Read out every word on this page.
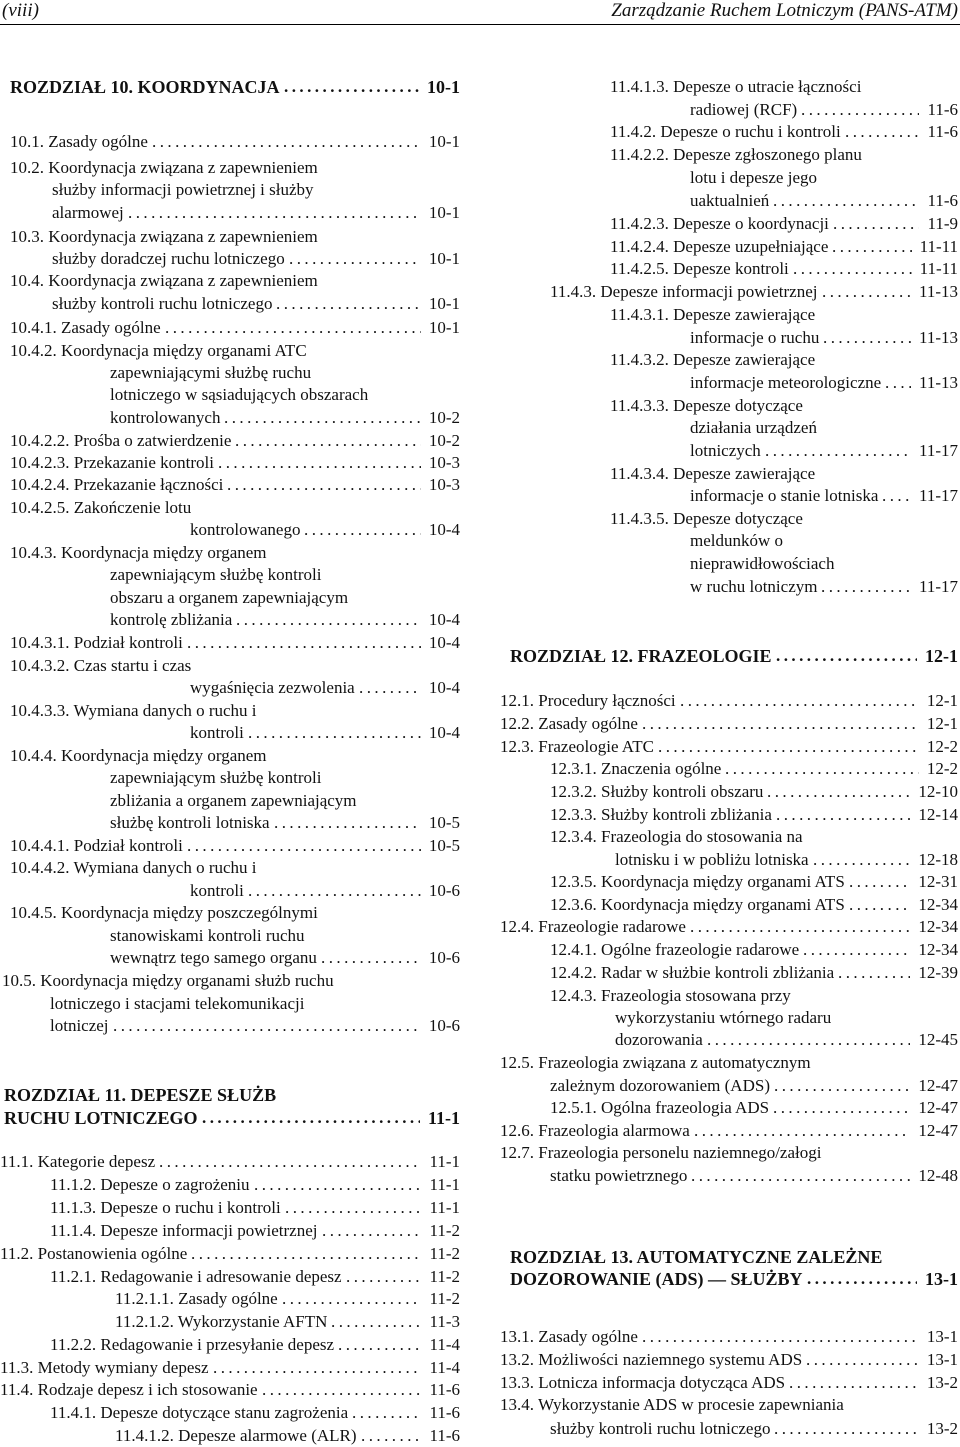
(viii)	Zarządzanie Ruchem Lotniczym (PANS-ATM)
ROZDZIAŁ 10. KOORDYNACJA	10-1
. . .
10.1. Zasady ogólne	10-1
. . .
10.2. Koordynacja związana z zapewnieniem
służby informacji powietrznej i służby
alarmowej	10-1
. . .
10.3. Koordynacja związana z zapewnieniem
służby doradczej ruchu lotniczego	10-1
. . .
10.4. Koordynacja związana z zapewnieniem
służby kontroli ruchu lotniczego	10-1
. . .
10.4.1. Zasady ogólne	10-1
. . .
10.4.2. Koordynacja między organami ATC
zapewniającymi służbę ruchu
lotniczego w sąsiadujących obszarach
kontrolowanych	10-2
. . .
10.4.2.2. Prośba o zatwierdzenie	10-2
. . .
10.4.2.3. Przekazanie kontroli	10-3
. . .
10.4.2.4. Przekazanie łączności	10-3
. . .
10.4.2.5. Zakończenie lotu
kontrolowanego	10-4
. . .
10.4.3. Koordynacja między organem
zapewniającym służbę kontroli
obszaru a organem zapewniającym
kontrolę zbliżania	10-4
. . .
10.4.3.1. Podział kontroli	10-4
. . .
10.4.3.2. Czas startu i czas
wygaśnięcia zezwolenia	10-4
. . .
10.4.3.3. Wymiana danych o ruchu i
kontroli	10-4
. . .
10.4.4. Koordynacja między organem
zapewniającym służbę kontroli
zbliżania a organem zapewniającym
służbę kontroli lotniska	10-5
. . .
10.4.4.1. Podział kontroli	10-5
. . .
10.4.4.2. Wymiana danych o ruchu i
kontroli	10-6
. . .
10.4.5. Koordynacja między poszczególnymi
stanowiskami kontroli ruchu
wewnątrz tego samego organu	10-6
. . .
10.5. Koordynacja między organami służb ruchu
lotniczego i stacjami telekomunikacji
lotniczej	10-6
. . .
ROZDZIAŁ 11. DEPESZE SŁUŻB
RUCHU LOTNICZEGO	11-1
. . .
11.1. Kategorie depesz	11-1
. . .
11.1.2. Depesze o zagrożeniu	11-1
. . .
11.1.3. Depesze o ruchu i kontroli	11-1
. . .
11.1.4. Depesze informacji powietrznej	11-2
. . .
11.2. Postanowienia ogólne	11-2
. . .
11.2.1. Redagowanie i adresowanie depesz	11-2
. . .
11.2.1.1. Zasady ogólne	11-2
. . .
11.2.1.2. Wykorzystanie AFTN	11-3
. . .
11.2.2. Redagowanie i przesyłanie depesz	11-4
. . .
11.3. Metody wymiany depesz	11-4
. . .
11.4. Rodzaje depesz i ich stosowanie	11-6
. . .
11.4.1. Depesze dotyczące stanu zagrożenia	11-6
. . .
11.4.1.2. Depesze alarmowe (ALR)	11-6
. . .
11.4.1.3. Depesze o utracie łączności
radiowej (RCF)	11-6
. . .
11.4.2. Depesze o ruchu i kontroli	11-6
. . .
11.4.2.2. Depesze zgłoszonego planu
lotu i depesze jego
uaktualnień	11-6
. . .
11.4.2.3. Depesze o koordynacji	11-9
. . .
11.4.2.4. Depesze uzupełniające	11-11
. . .
11.4.2.5. Depesze kontroli	11-11
. . .
11.4.3. Depesze informacji powietrznej	11-13
. . .
11.4.3.1. Depesze zawierające
informacje o ruchu	11-13
. . .
11.4.3.2. Depesze zawierające
informacje meteorologiczne 11-13
. . .
11.4.3.3. Depesze dotyczące
działania urządzeń
lotniczych	11-17
. . .
11.4.3.4. Depesze zawierające
informacje o stanie lotniska 11-17
. . .
11.4.3.5. Depesze dotyczące
meldunków o
nieprawidłowościach
w ruchu lotniczym	11-17
. . .
ROZDZIAŁ 12. FRAZEOLOGIE	12-1
. . .
12.1. Procedury łączności	12-1
. . .
12.2. Zasady ogólne	12-1
. . .
12.3. Frazeologie ATC	12-2
. . .
12.3.1. Znaczenia ogólne	12-2
. . .
12.3.2. Służby kontroli obszaru	12-10
. . .
12.3.3. Służby kontroli zbliżania	12-14
. . .
12.3.4. Frazeologia do stosowania na
lotnisku i w pobliżu lotniska	12-18
. . .
12.3.5. Koordynacja między organami ATS	12-31
. . .
12.3.6. Koordynacja między organami ATS	12-34
. . .
12.4. Frazeologie radarowe	12-34
. . .
12.4.1. Ogólne frazeologie radarowe	12-34
. . .
12.4.2. Radar w służbie kontroli zbliżania	12-39
. . .
12.4.3. Frazeologia stosowana przy
wykorzystaniu wtórnego radaru
dozorowania	12-45
. . .
12.5. Frazeologia związana z automatycznym
zależnym dozorowaniem (ADS)	12-47
. . .
12.5.1. Ogólna frazeologia ADS	12-47
. . .
12.6. Frazeologia alarmowa	12-47
. . .
12.7. Frazeologia personelu naziemnego/załogi
statku powietrznego	12-48
. . .
ROZDZIAŁ 13. AUTOMATYCZNE ZALEŻNE
DOZOROWANIE (ADS) — SŁUŻBY	13-1
. . .
13.1. Zasady ogólne	13-1
. . .
13.2. Możliwości naziemnego systemu ADS	13-1
. . .
13.3. Lotnicza informacja dotycząca ADS	13-2
. . .
13.4. Wykorzystanie ADS w procesie zapewniania
służby kontroli ruchu lotniczego	13-2
. . .
